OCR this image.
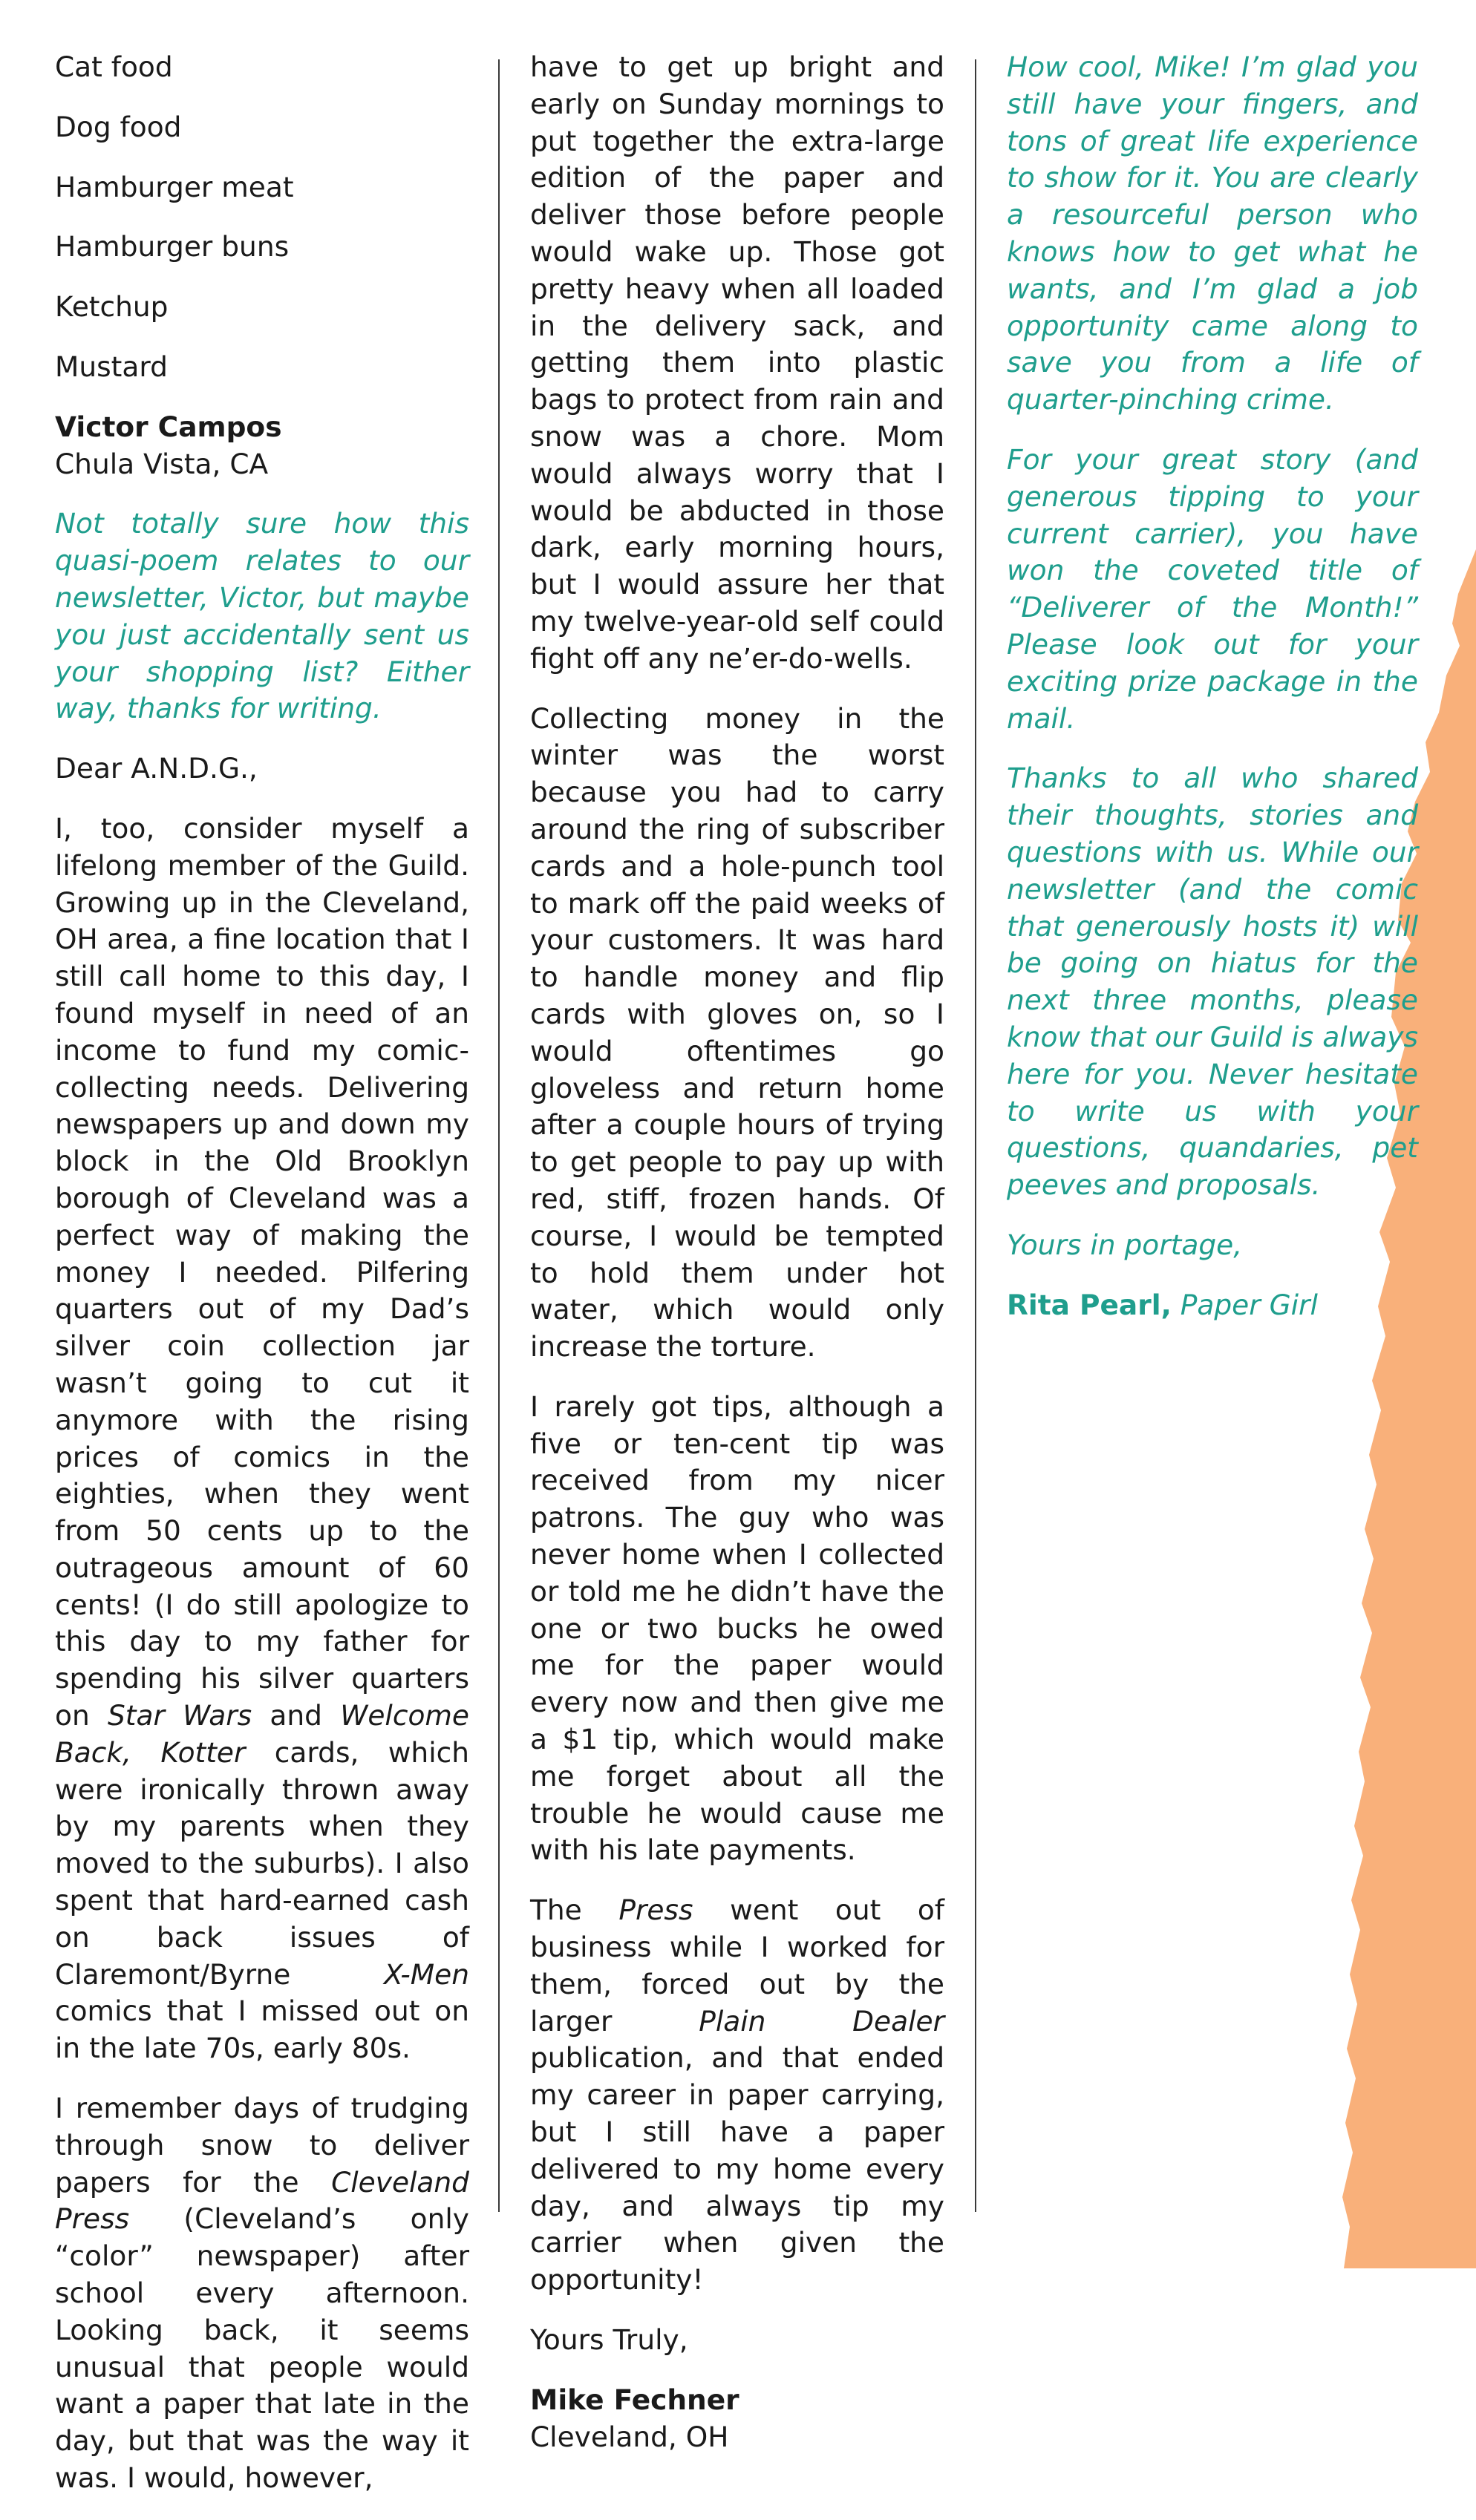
Cat food

Dog food

Hamburger meat

Hamburger buns

Ketchup

Mustard

Victor Campos
Chula Vista, CA

Not totally sure how this quasi-poem relates to our newsletter, Victor, but maybe you just accidentally sent us your shopping list? Either way, thanks for writing.

Dear A.N.D.G.,

I, too, consider myself a lifelong member of the Guild. Growing up in the Cleveland, OH area, a fine location that I still call home to this day, I found myself in need of an income to fund my comic-collecting needs. Delivering newspapers up and down my block in the Old Brooklyn borough of Cleveland was a perfect way of making the money I needed. Pilfering quarters out of my Dad’s silver coin collection jar wasn’t going to cut it anymore with the rising prices of comics in the eighties, when they went from 50 cents up to the outrageous amount of 60 cents! (I do still apologize to this day to my father for spending his silver quarters on Star Wars and Welcome Back, Kotter cards, which were ironically thrown away by my parents when they moved to the suburbs). I also spent that hard-earned cash on back issues of Claremont/Byrne X-Men comics that I missed out on in the late 70s, early 80s.

I remember days of trudging through snow to deliver papers for the Cleveland Press (Cleveland’s only “color” newspaper) after school every afternoon. Looking back, it seems unusual that people would want a paper that late in the day, but that was the way it was. I would, however,

have to get up bright and early on Sunday mornings to put together the extra-large edition of the paper and deliver those before people would wake up. Those got pretty heavy when all loaded in the delivery sack, and getting them into plastic bags to protect from rain and snow was a chore. Mom would always worry that I would be abducted in those dark, early morning hours, but I would assure her that my twelve-year-old self could fight off any ne’er-do-wells.

Collecting money in the winter was the worst because you had to carry around the ring of subscriber cards and a hole-punch tool to mark off the paid weeks of your customers. It was hard to handle money and flip cards with gloves on, so I would oftentimes go gloveless and return home after a couple hours of trying to get people to pay up with red, stiff, frozen hands. Of course, I would be tempted to hold them under hot water, which would only increase the torture.

I rarely got tips, although a five or ten-cent tip was received from my nicer patrons. The guy who was never home when I collected or told me he didn’t have the one or two bucks he owed me for the paper would every now and then give me a $1 tip, which would make me forget about all the trouble he would cause me with his late payments.

The Press went out of business while I worked for them, forced out by the larger Plain Dealer publication, and that ended my career in paper carrying, but I still have a paper delivered to my home every day, and always tip my carrier when given the opportunity!

Yours Truly,

Mike Fechner
Cleveland, OH

How cool, Mike! I’m glad you still have your fingers, and tons of great life experience to show for it. You are clearly a resourceful person who knows how to get what he wants, and I’m glad a job opportunity came along to save you from a life of quarter-pinching crime.

For your great story (and generous tipping to your current carrier), you have won the coveted title of “Deliverer of the Month!” Please look out for your exciting prize package in the mail.

Thanks to all who shared their thoughts, stories and questions with us. While our newsletter (and the comic that generously hosts it) will be going on hiatus for the next three months, please know that our Guild is always here for you. Never hesitate to write us with your questions, quandaries, pet peeves and proposals.

Yours in portage,

Rita Pearl, Paper Girl
